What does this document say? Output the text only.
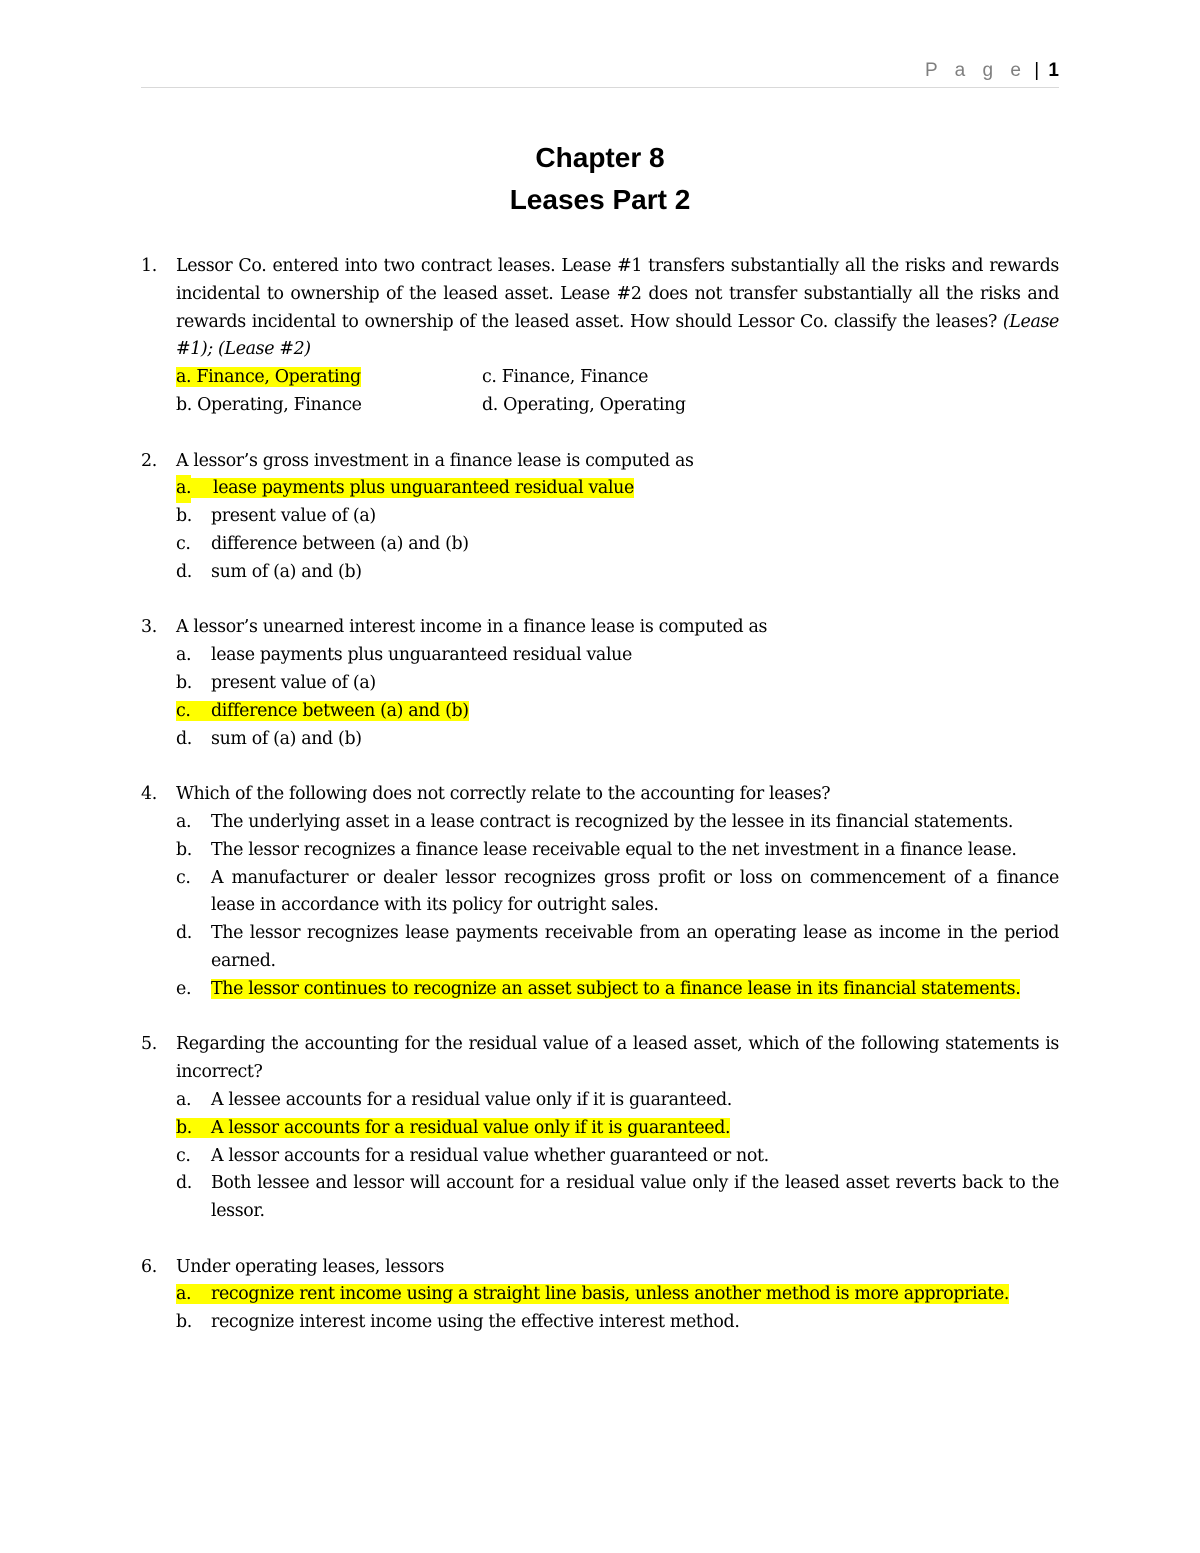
P a g e | 1
Chapter 8
Leases Part 2
1. Lessor Co. entered into two contract leases. Lease #1 transfers substantially all the risks and rewards incidental to ownership of the leased asset. Lease #2 does not transfer substantially all the risks and rewards incidental to ownership of the leased asset. How should Lessor Co. classify the leases? (Lease #1); (Lease #2)
a. Finance, Operating	c. Finance, Finance
b. Operating, Finance	d. Operating, Operating
2. A lessor’s gross investment in a finance lease is computed as
a. lease payments plus unguaranteed residual value
b. present value of (a)
c. difference between (a) and (b)
d. sum of (a) and (b)
3. A lessor’s unearned interest income in a finance lease is computed as
a. lease payments plus unguaranteed residual value
b. present value of (a)
c. difference between (a) and (b)
d. sum of (a) and (b)
4. Which of the following does not correctly relate to the accounting for leases?
a. The underlying asset in a lease contract is recognized by the lessee in its financial statements.
b. The lessor recognizes a finance lease receivable equal to the net investment in a finance lease.
c. A manufacturer or dealer lessor recognizes gross profit or loss on commencement of a finance lease in accordance with its policy for outright sales.
d. The lessor recognizes lease payments receivable from an operating lease as income in the period earned.
e. The lessor continues to recognize an asset subject to a finance lease in its financial statements.
5. Regarding the accounting for the residual value of a leased asset, which of the following statements is incorrect?
a. A lessee accounts for a residual value only if it is guaranteed.
b. A lessor accounts for a residual value only if it is guaranteed.
c. A lessor accounts for a residual value whether guaranteed or not.
d. Both lessee and lessor will account for a residual value only if the leased asset reverts back to the lessor.
6. Under operating leases, lessors
a. recognize rent income using a straight line basis, unless another method is more appropriate.
b. recognize interest income using the effective interest method.
